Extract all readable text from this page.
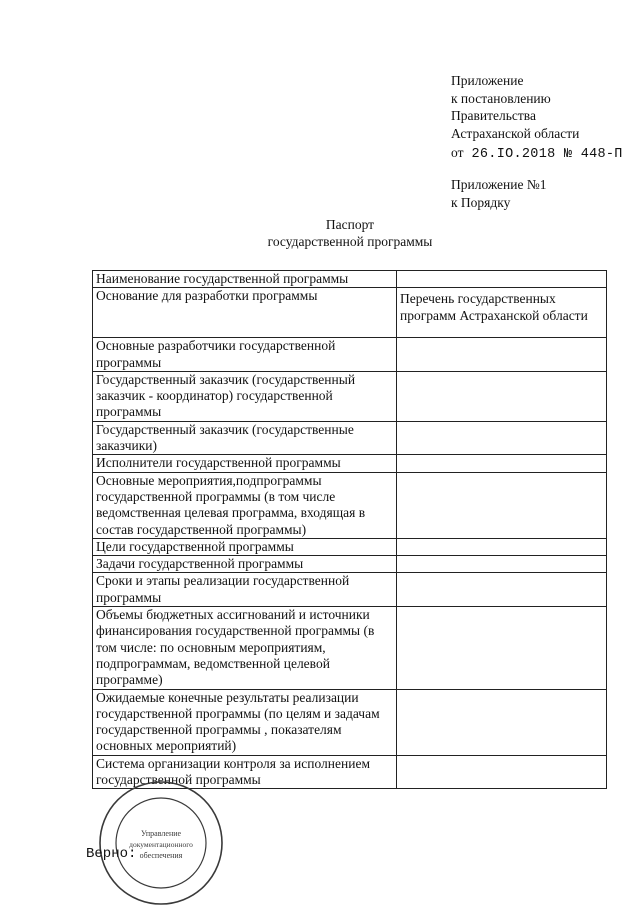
Приложение
к постановлению
Правительства
Астраханской области
от 26.IO.2018 № 448-П
Приложение №1
к Порядку
Паспорт
государственной программы
Наименование государственной программы	
Основание для разработки программы	Перечень государственных программ Астраханской области
Основные разработчики государственной программы	
Государственный заказчик (государственный заказчик - координатор) государственной программы	
Государственный заказчик (государственные заказчики)	
Исполнители государственной программы	
Основные мероприятия,подпрограммы государственной программы (в том числе ведомственная целевая программа, входящая в состав государственной программы)	
Цели государственной программы	
Задачи государственной программы	
Сроки и этапы реализации государственной программы	
Объемы бюджетных ассигнований и источники финансирования государственной программы (в том числе: по основным мероприятиям, подпрограммам, ведомственной целевой программе)	
Ожидаемые конечные результаты реализации государственной программы (по целям и задачам государственной программы , показателям основных мероприятий)	
Система организации контроля за исполнением государственной программы	
Управление
документационного
обеспечения
Верно:
